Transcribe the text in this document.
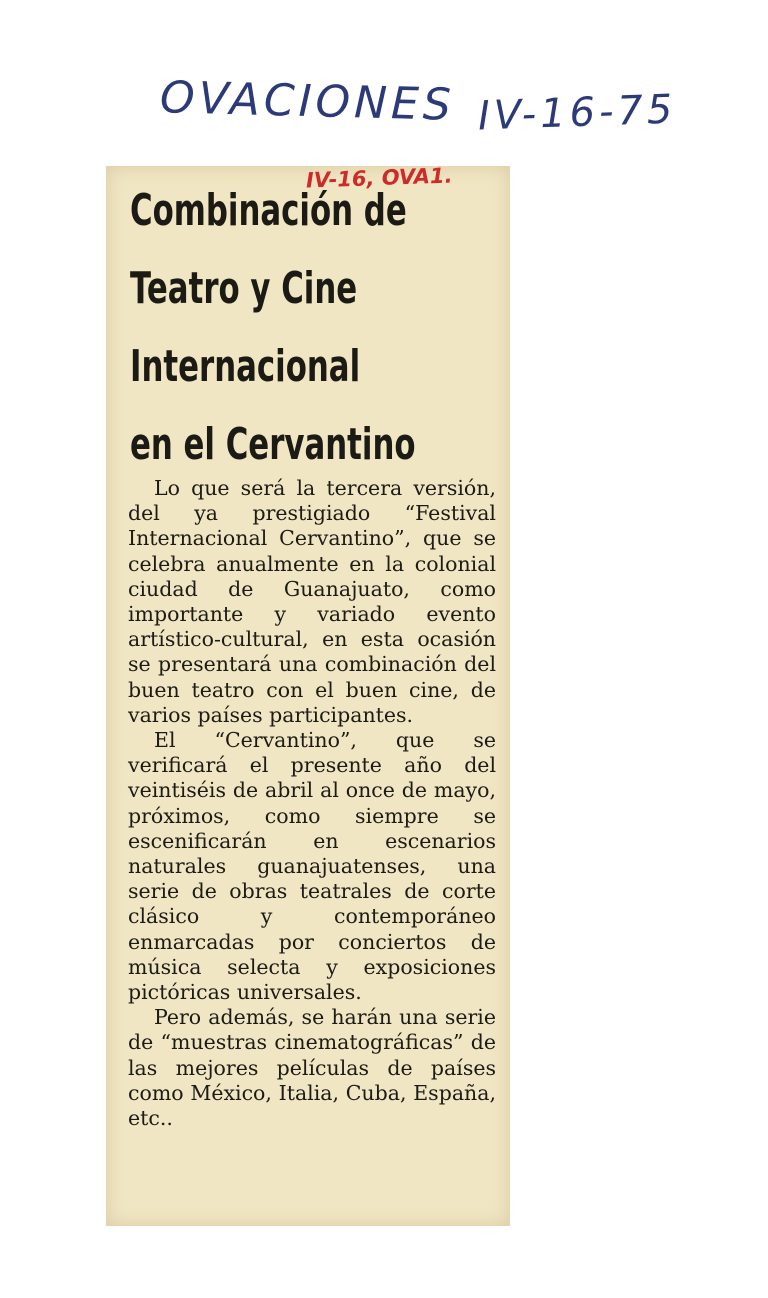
OVACIONES IV-16-75
IV-16, OVA1.
Combinación de
Teatro y Cine
Internacional
en el Cervantino

Lo que será la tercera versión, del ya prestigiado “Festival Internacional Cervantino”, que se celebra anualmente en la colonial ciudad de Guanajuato, como importante y variado evento artístico-cultural, en esta ocasión se presentará una combinación del buen teatro con el buen cine, de varios países participantes.

El “Cervantino”, que se verificará el presente año del veintiséis de abril al once de mayo, próximos, como siempre se escenificarán en escenarios naturales guanajuatenses, una serie de obras teatrales de corte clásico y contemporáneo enmarcadas por conciertos de música selecta y exposiciones pictóricas universales.

Pero además, se harán una serie de “muestras cinematográficas” de las mejores películas de países como México, Italia, Cuba, España, etc..
